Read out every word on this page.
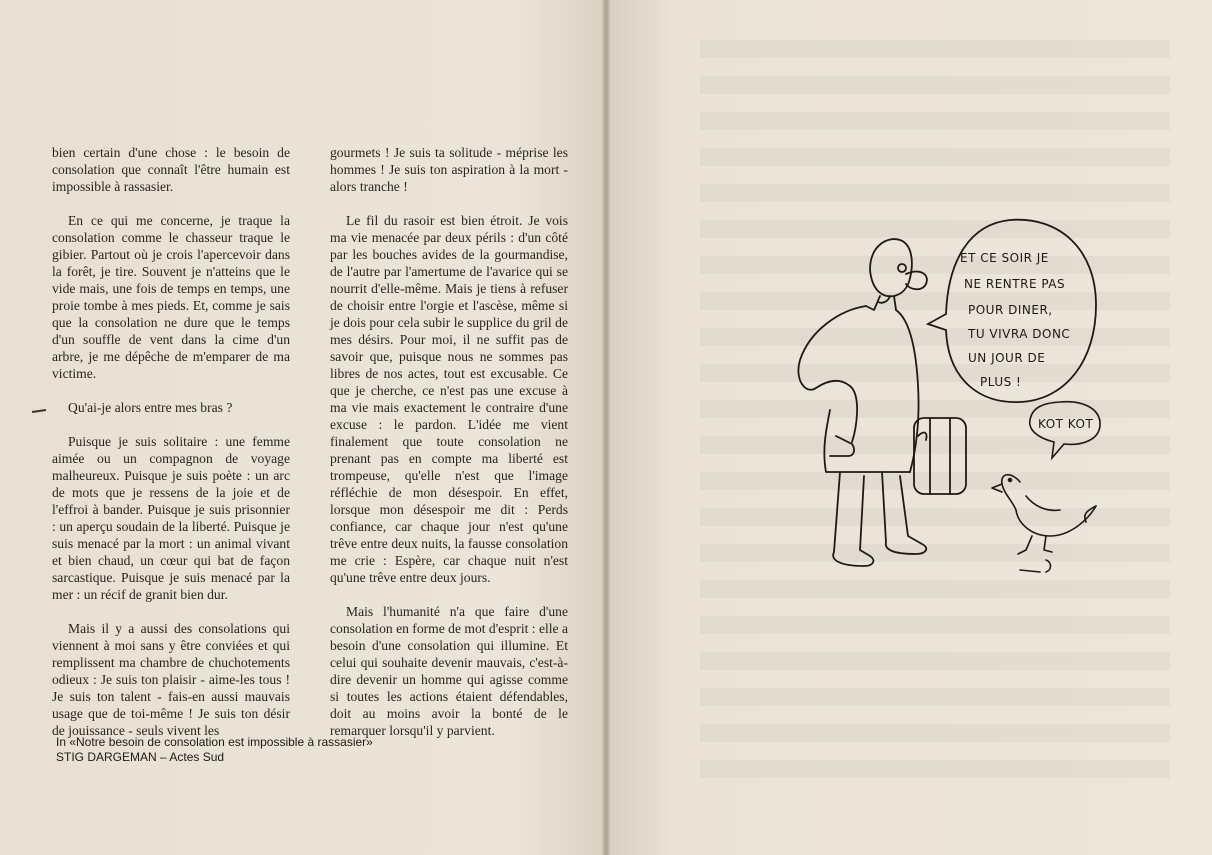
bien certain d'une chose : le besoin de consolation que connaît l'être humain est impossible à rassasier.

En ce qui me concerne, je traque la consolation comme le chasseur traque le gibier. Partout où je crois l'apercevoir dans la forêt, je tire. Souvent je n'atteins que le vide mais, une fois de temps en temps, une proie tombe à mes pieds. Et, comme je sais que la consolation ne dure que le temps d'un souffle de vent dans la cime d'un arbre, je me dépêche de m'emparer de ma victime.

Qu'ai-je alors entre mes bras ?

Puisque je suis solitaire : une femme aimée ou un compagnon de voyage malheureux. Puisque je suis poète : un arc de mots que je ressens de la joie et de l'effroi à bander. Puisque je suis prisonnier : un aperçu soudain de la liberté. Puisque je suis menacé par la mort : un animal vivant et bien chaud, un cœur qui bat de façon sarcastique. Puisque je suis menacé par la mer : un récif de granit bien dur.

Mais il y a aussi des consolations qui viennent à moi sans y être conviées et qui remplissent ma chambre de chuchotements odieux : Je suis ton plaisir - aime-les tous ! Je suis ton talent - fais-en aussi mauvais usage que de toi-même ! Je suis ton désir de jouissance - seuls vivent les

gourmets ! Je suis ta solitude - méprise les hommes ! Je suis ton aspiration à la mort - alors tranche !

Le fil du rasoir est bien étroit. Je vois ma vie menacée par deux périls : d'un côté par les bouches avides de la gourmandise, de l'autre par l'amertume de l'avarice qui se nourrit d'elle-même. Mais je tiens à refuser de choisir entre l'orgie et l'ascèse, même si je dois pour cela subir le supplice du gril de mes désirs. Pour moi, il ne suffit pas de savoir que, puisque nous ne sommes pas libres de nos actes, tout est excusable. Ce que je cherche, ce n'est pas une excuse à ma vie mais exactement le contraire d'une excuse : le pardon. L'idée me vient finalement que toute consolation ne prenant pas en compte ma liberté est trompeuse, qu'elle n'est que l'image réfléchie de mon désespoir. En effet, lorsque mon désespoir me dit : Perds confiance, car chaque jour n'est qu'une trêve entre deux nuits, la fausse consolation me crie : Espère, car chaque nuit n'est qu'une trêve entre deux jours.

Mais l'humanité n'a que faire d'une consolation en forme de mot d'esprit : elle a besoin d'une consolation qui illumine. Et celui qui souhaite devenir mauvais, c'est-à-dire devenir un homme qui agisse comme si toutes les actions étaient défendables, doit au moins avoir la bonté de le remarquer lorsqu'il y parvient.

In «Notre besoin de consolation est impossible à rassasier»
STIG DARGEMAN – Actes Sud
ET CE SOIR JE
NE RENTRE PAS
POUR DINER,
TU VIVRA DONC
UN JOUR DE
PLUS !
KOT KOT !
